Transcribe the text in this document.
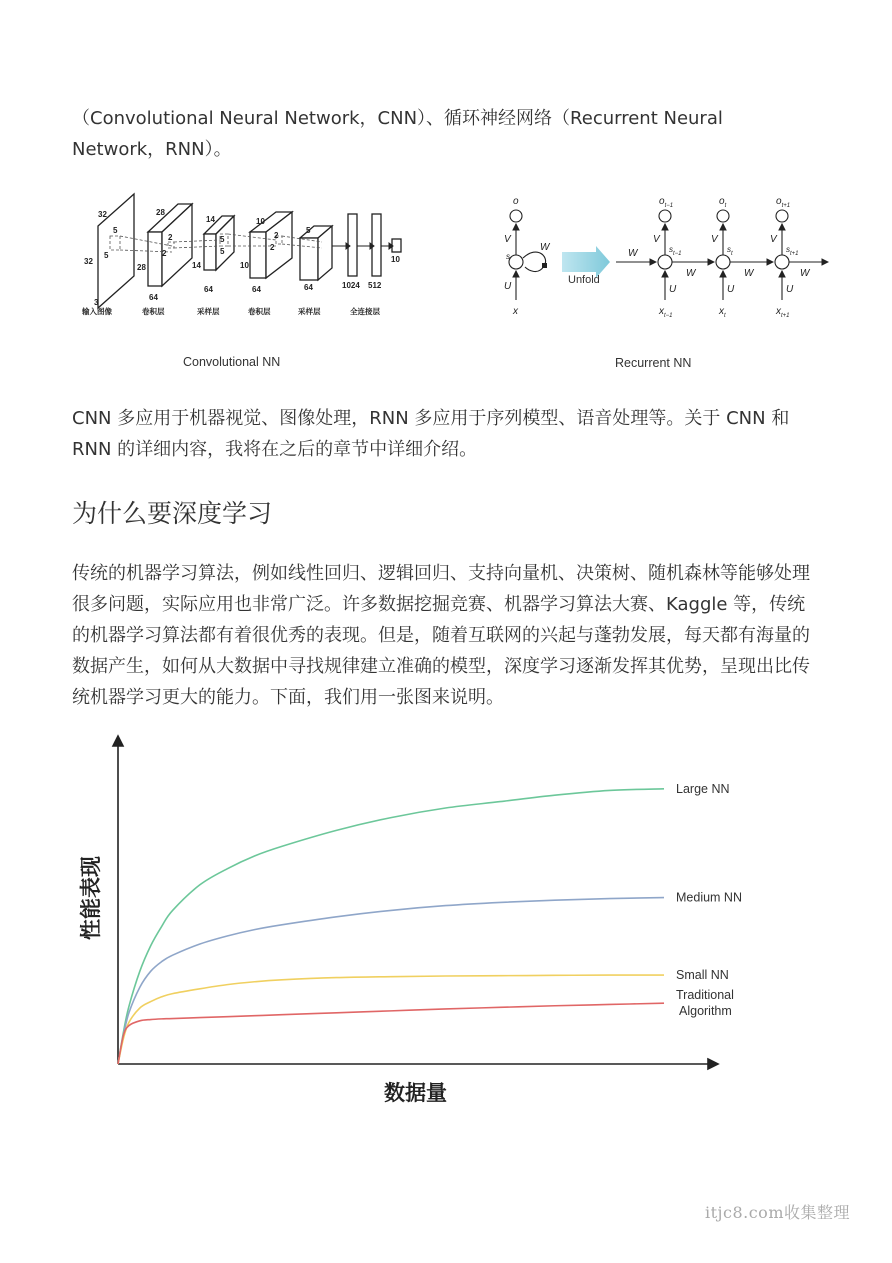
（Convolutional Neural Network，CNN）、循环神经网络（Recurrent Neural
Network，RNN）。
32
32
3
5
5
28
28
64
2
2
14
14
64
5
5
10
10
64
2
2
5
64	1024 512
10
输入图像	卷积层	采样层	卷积层	采样层	全连接层
Convolutional NN
Unfold
o
V
W
s
U
x
W
W	W	W
V	V	V
U	U	U
$o_{t-1}$	$o_t$	$o_{t+1}$
$s_{t-1}$	$s_t$	$s_{t+1}$
$x_{t-1}$	$x_t$	$x_{t+1}$
Recurrent NN
CNN 多应用于机器视觉、图像处理，RNN 多应用于序列模型、语音处理等。关于 CNN 和
RNN 的详细内容，我将在之后的章节中详细介绍。
为什么要深度学习
传统的机器学习算法，例如线性回归、逻辑回归、支持向量机、决策树、随机森林等能够处理
很多问题，实际应用也非常广泛。许多数据挖掘竞赛、机器学习算法大赛、Kaggle 等，传统
的机器学习算法都有着很优秀的表现。但是，随着互联网的兴起与蓬勃发展，每天都有海量的
数据产生，如何从大数据中寻找规律建立准确的模型，深度学习逐渐发挥其优势，呈现出比传
统机器学习更大的能力。下面，我们用一张图来说明。
性能表现
数据量
Large NN
Medium NN
Small NN
Traditional Algorithm
itjc8.com收集整理
